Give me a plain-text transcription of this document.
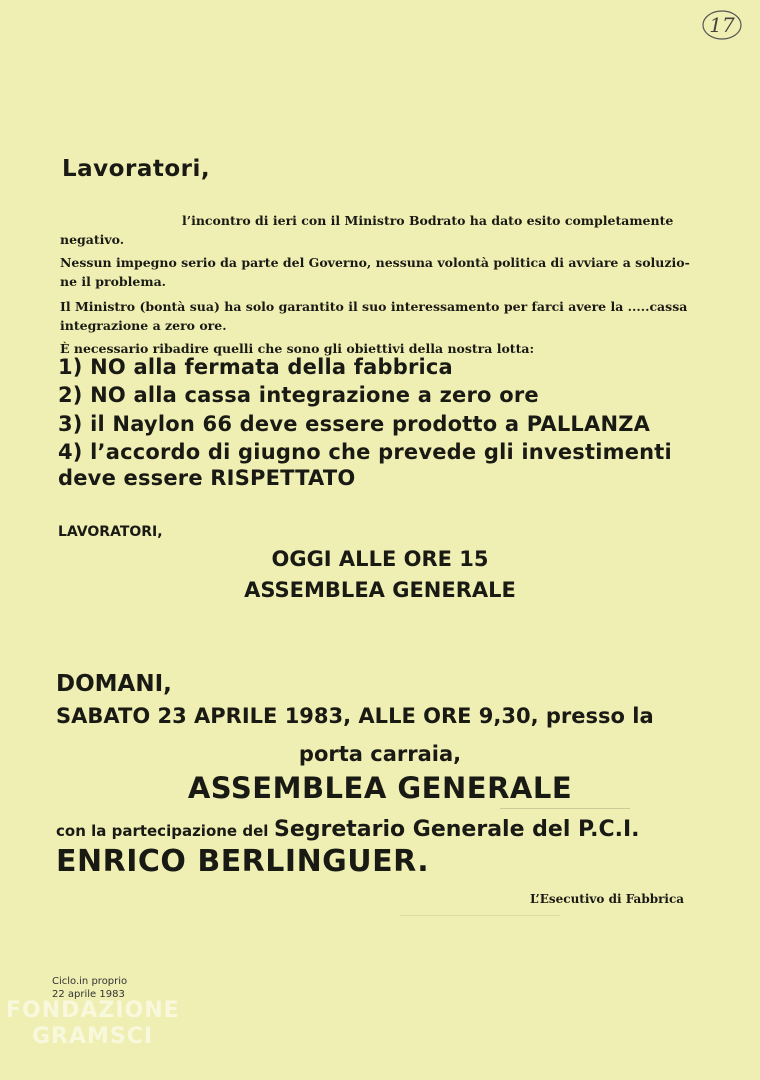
17
Lavoratori,
l’incontro di ieri con il Ministro Bodrato ha dato esito completamente
negativo.
Nessun impegno serio da parte del Governo, nessuna volontà politica di avviare a soluzio-
ne il problema.
Il Ministro (bontà sua) ha solo garantito il suo interessamento per farci avere la .....cassa
integrazione a zero ore.
È necessario ribadire quelli che sono gli obiettivi della nostra lotta:
1) NO alla fermata della fabbrica
2) NO alla cassa integrazione a zero ore
3) il Naylon 66 deve essere prodotto a PALLANZA
4) l’accordo di giugno che prevede gli investimenti
deve essere RISPETTATO
LAVORATORI,
OGGI ALLE ORE 15
ASSEMBLEA GENERALE
DOMANI,
SABATO 23 APRILE 1983, ALLE ORE 9,30, presso la
porta carraia,
ASSEMBLEA GENERALE
con la partecipazione del Segretario Generale del P.C.I.
ENRICO BERLINGUER.
L’Esecutivo di Fabbrica
Ciclo.in proprio
22 aprile 1983
FONDAZIONE
GRAMSCI
